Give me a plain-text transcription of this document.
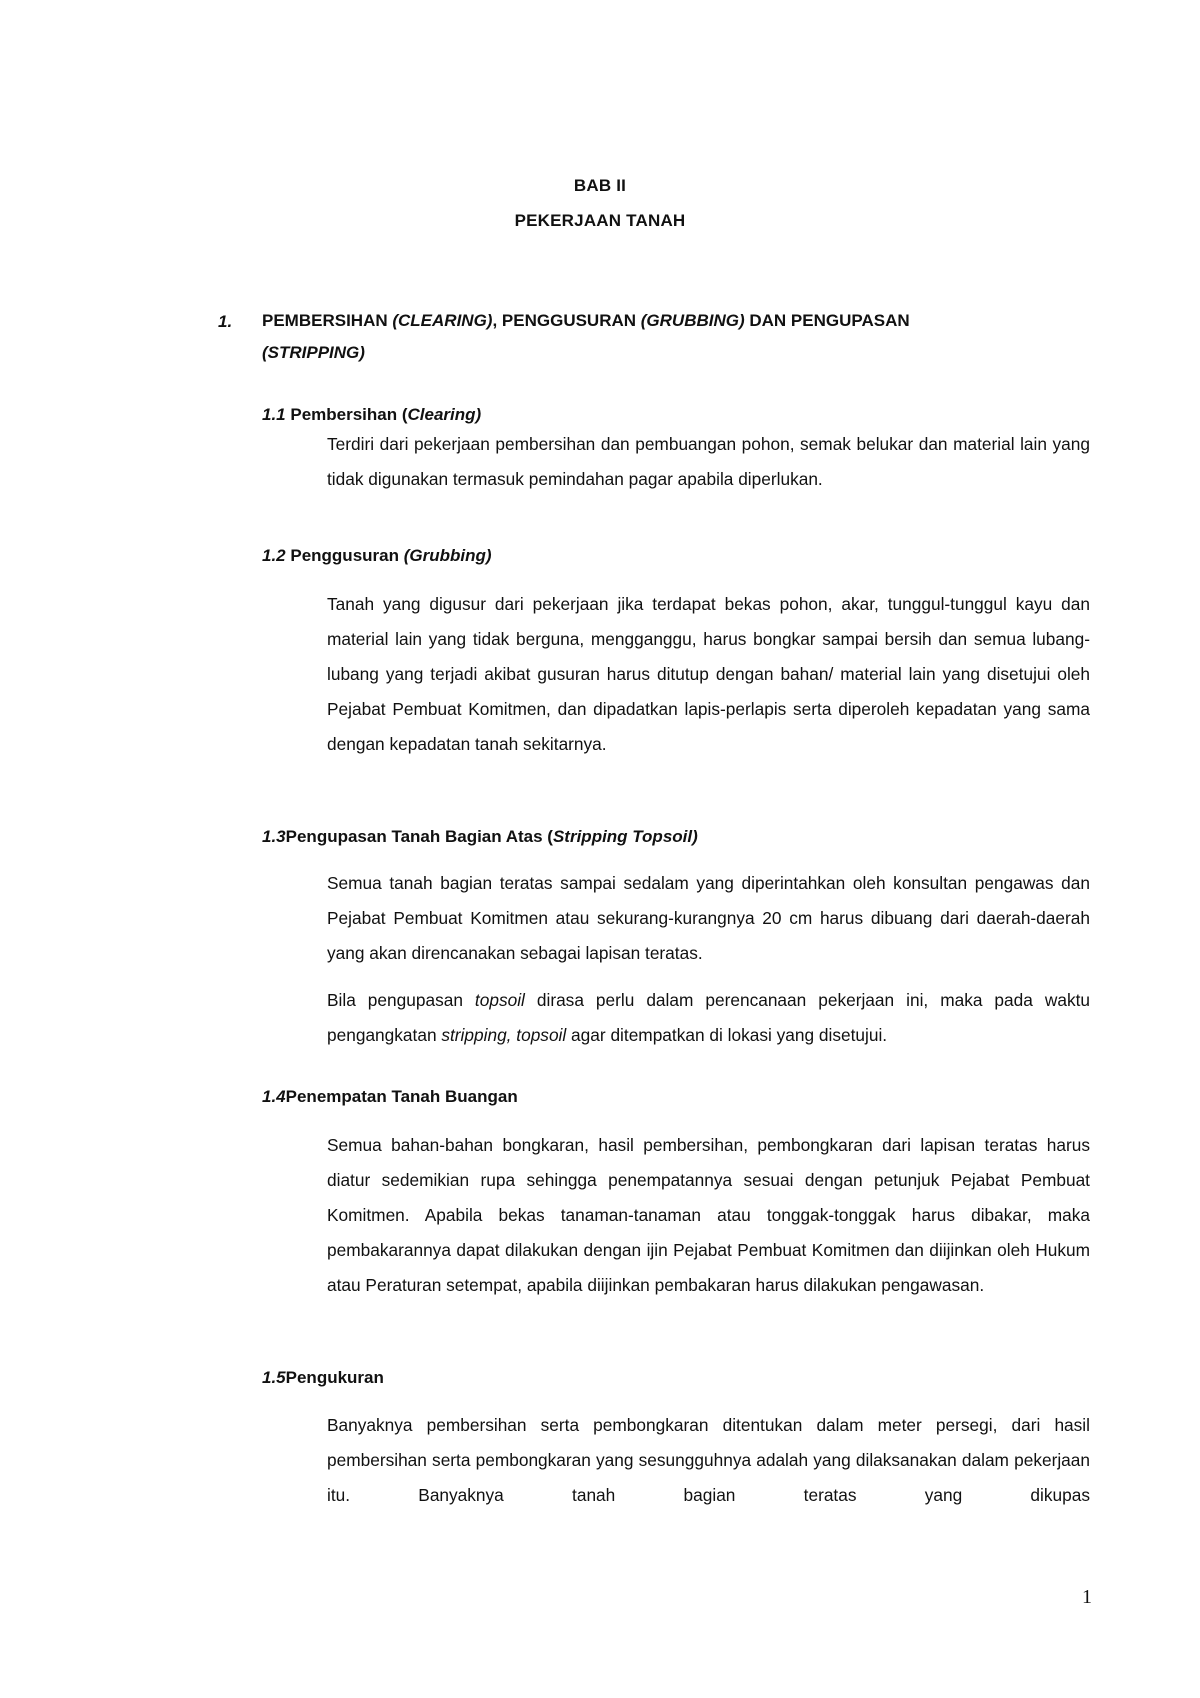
BAB II
PEKERJAAN TANAH
1. PEMBERSIHAN (CLEARING), PENGGUSURAN (GRUBBING) DAN PENGUPASAN
(STRIPPING)
1.1 Pembersihan (Clearing)

Terdiri dari pekerjaan pembersihan dan pembuangan pohon, semak belukar dan material lain yang tidak digunakan termasuk pemindahan pagar apabila diperlukan.

1.2 Penggusuran (Grubbing)

Tanah yang digusur dari pekerjaan jika terdapat bekas pohon, akar, tunggul-tunggul kayu dan material lain yang tidak berguna, mengganggu, harus bongkar sampai bersih dan semua lubang-lubang yang terjadi akibat gusuran harus ditutup dengan bahan/ material lain yang disetujui oleh Pejabat Pembuat Komitmen, dan dipadatkan lapis-perlapis serta diperoleh kepadatan yang sama dengan kepadatan tanah sekitarnya.

1.3Pengupasan Tanah Bagian Atas (Stripping Topsoil)

Semua tanah bagian teratas sampai sedalam yang diperintahkan oleh konsultan pengawas dan Pejabat Pembuat Komitmen atau sekurang-kurangnya 20 cm harus dibuang dari daerah-daerah yang akan direncanakan sebagai lapisan teratas.

Bila pengupasan topsoil dirasa perlu dalam perencanaan pekerjaan ini, maka pada waktu pengangkatan stripping, topsoil agar ditempatkan di lokasi yang disetujui.

1.4Penempatan Tanah Buangan

Semua bahan-bahan bongkaran, hasil pembersihan, pembongkaran dari lapisan teratas harus diatur sedemikian rupa sehingga penempatannya sesuai dengan petunjuk Pejabat Pembuat Komitmen. Apabila bekas tanaman-tanaman atau tonggak-tonggak harus dibakar, maka pembakarannya dapat dilakukan dengan ijin Pejabat Pembuat Komitmen dan diijinkan oleh Hukum atau Peraturan setempat, apabila diijinkan pembakaran harus dilakukan pengawasan.

1.5Pengukuran

Banyaknya pembersihan serta pembongkaran ditentukan dalam meter persegi, dari hasil pembersihan serta pembongkaran yang sesungguhnya adalah yang dilaksanakan dalam pekerjaan itu. Banyaknya tanah bagian teratas yang dikupas

1
